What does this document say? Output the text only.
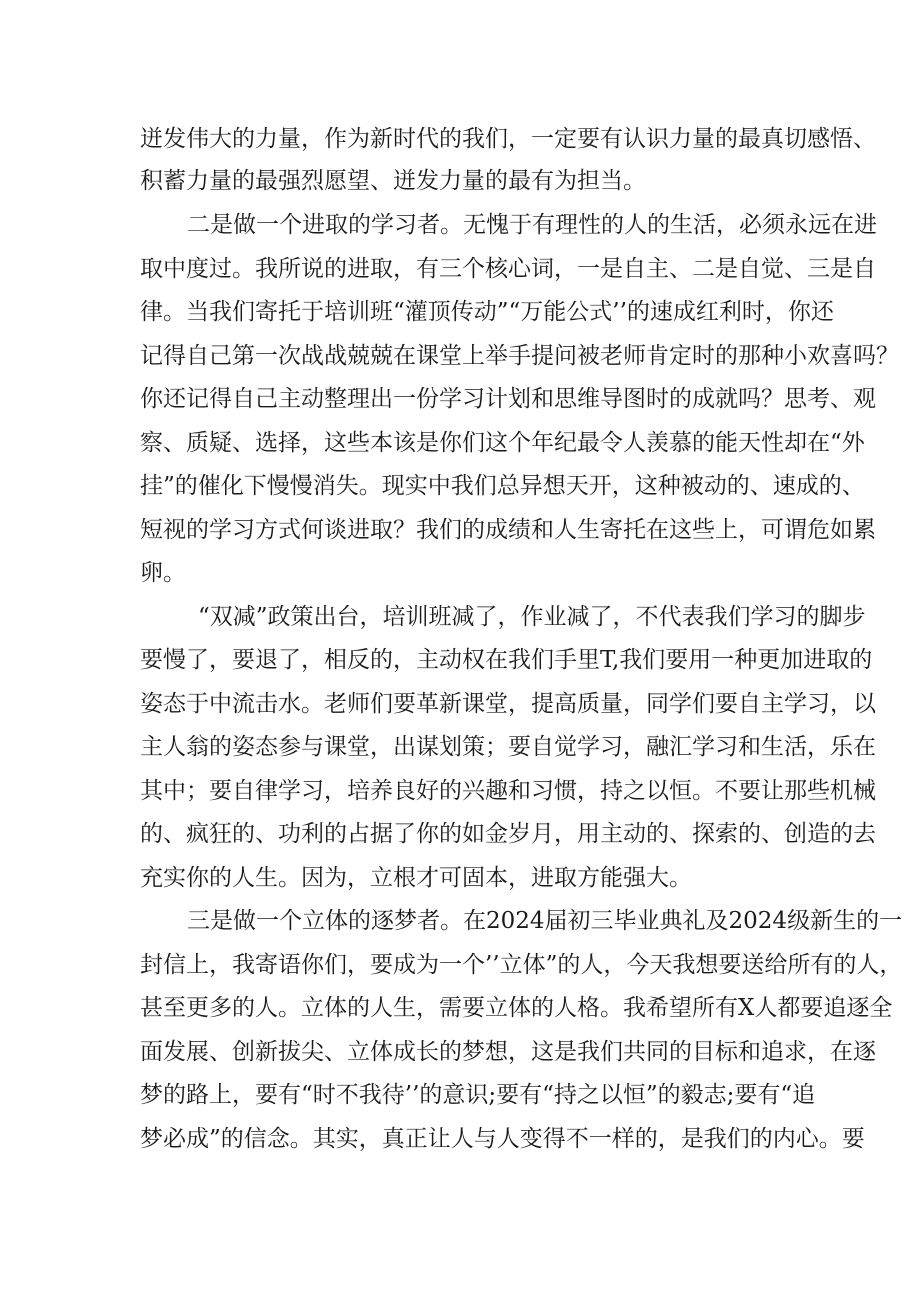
迸发伟大的力量，作为新时代的我们，一定要有认识力量的最真切感悟、
积蓄力量的最强烈愿望、迸发力量的最有为担当。
二是做一个进取的学习者。无愧于有理性的人的生活，必须永远在进
取中度过。我所说的进取，有三个核心词，一是自主、二是自觉、三是自
律。当我们寄托于培训班“灌顶传动”“万能公式’’的速成红利时，你还
记得自己第一次战战兢兢在课堂上举手提问被老师肯定时的那种小欢喜吗？
你还记得自己主动整理出一份学习计划和思维导图时的成就吗？思考、观
察、质疑、选择，这些本该是你们这个年纪最令人羡慕的能天性却在“外
挂”的催化下慢慢消失。现实中我们总异想天开，这种被动的、速成的、
短视的学习方式何谈进取？我们的成绩和人生寄托在这些上，可谓危如累
卵。
“双减”政策出台，培训班减了，作业减了，不代表我们学习的脚步
要慢了，要退了，相反的，主动权在我们手里T,我们要用一种更加进取的
姿态于中流击水。老师们要革新课堂，提高质量，同学们要自主学习，以
主人翁的姿态参与课堂，出谋划策；要自觉学习，融汇学习和生活，乐在
其中；要自律学习，培养良好的兴趣和习惯，持之以恒。不要让那些机械
的、疯狂的、功利的占据了你的如金岁月，用主动的、探索的、创造的去
充实你的人生。因为，立根才可固本，进取方能强大。
三是做一个立体的逐梦者。在2024届初三毕业典礼及2024级新生的一
封信上，我寄语你们，要成为一个’’立体”的人，今天我想要送给所有的人，
甚至更多的人。立体的人生，需要立体的人格。我希望所有X人都要追逐全
面发展、创新拔尖、立体成长的梦想，这是我们共同的目标和追求，在逐
梦的路上，要有“时不我待’’的意识;要有“持之以恒”的毅志;要有“追
梦必成”的信念。其实，真正让人与人变得不一样的，是我们的内心。要
